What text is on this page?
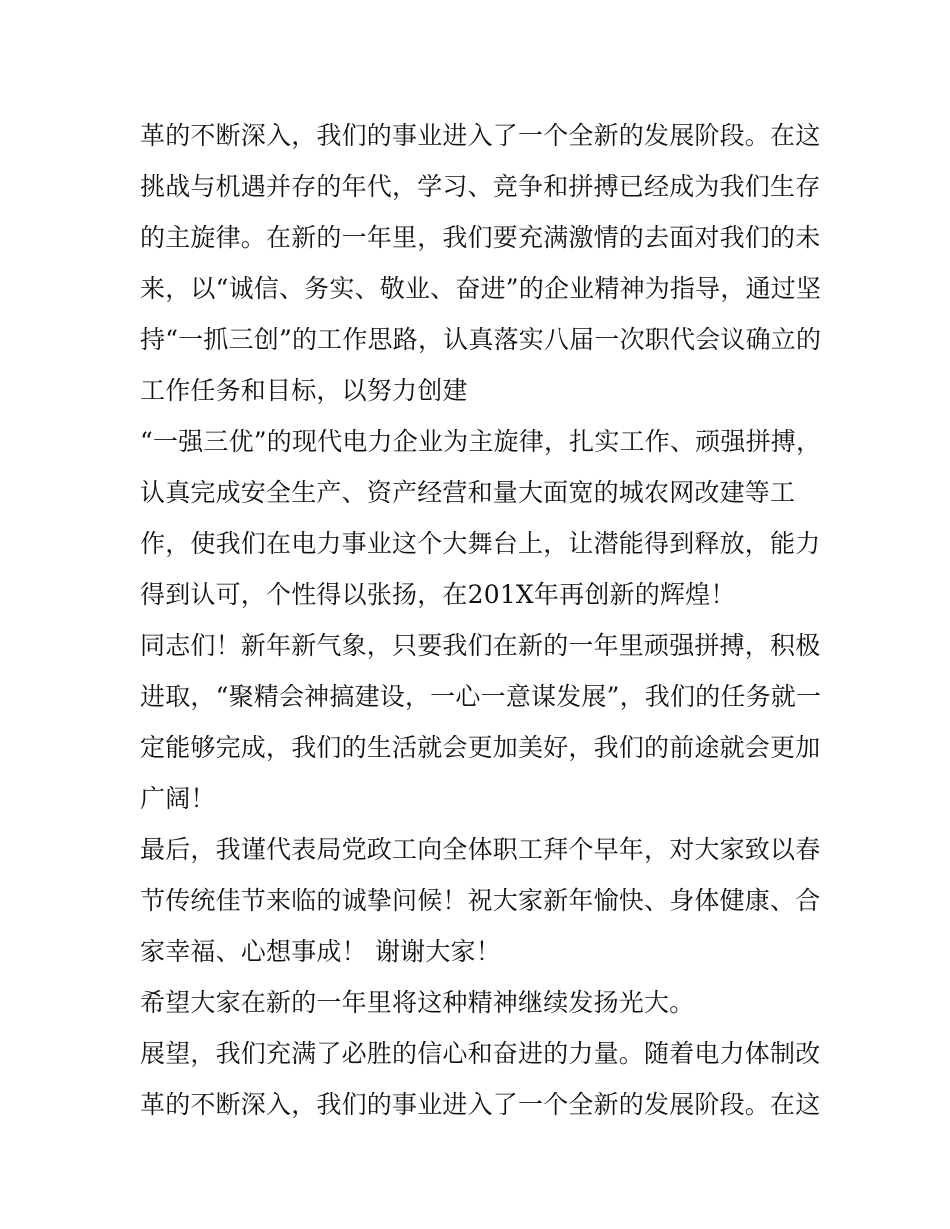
革的不断深入，我们的事业进入了一个全新的发展阶段。在这
挑战与机遇并存的年代，学习、竞争和拼搏已经成为我们生存
的主旋律。在新的一年里，我们要充满激情的去面对我们的未
来，以“诚信、务实、敬业、奋进”的企业精神为指导，通过坚
持“一抓三创”的工作思路，认真落实八届一次职代会议确立的
工作任务和目标，以努力创建
“一强三优”的现代电力企业为主旋律，扎实工作、顽强拼搏，
认真完成安全生产、资产经营和量大面宽的城农网改建等工
作，使我们在电力事业这个大舞台上，让潜能得到释放，能力
得到认可，个性得以张扬，在201X年再创新的辉煌！
同志们！新年新气象，只要我们在新的一年里顽强拼搏，积极
进取，“聚精会神搞建设，一心一意谋发展”，我们的任务就一
定能够完成，我们的生活就会更加美好，我们的前途就会更加
广阔！
最后，我谨代表局党政工向全体职工拜个早年，对大家致以春
节传统佳节来临的诚挚问候！祝大家新年愉快、身体健康、合
家幸福、心想事成！ 谢谢大家！
希望大家在新的一年里将这种精神继续发扬光大。
展望，我们充满了必胜的信心和奋进的力量。随着电力体制改
革的不断深入，我们的事业进入了一个全新的发展阶段。在这
